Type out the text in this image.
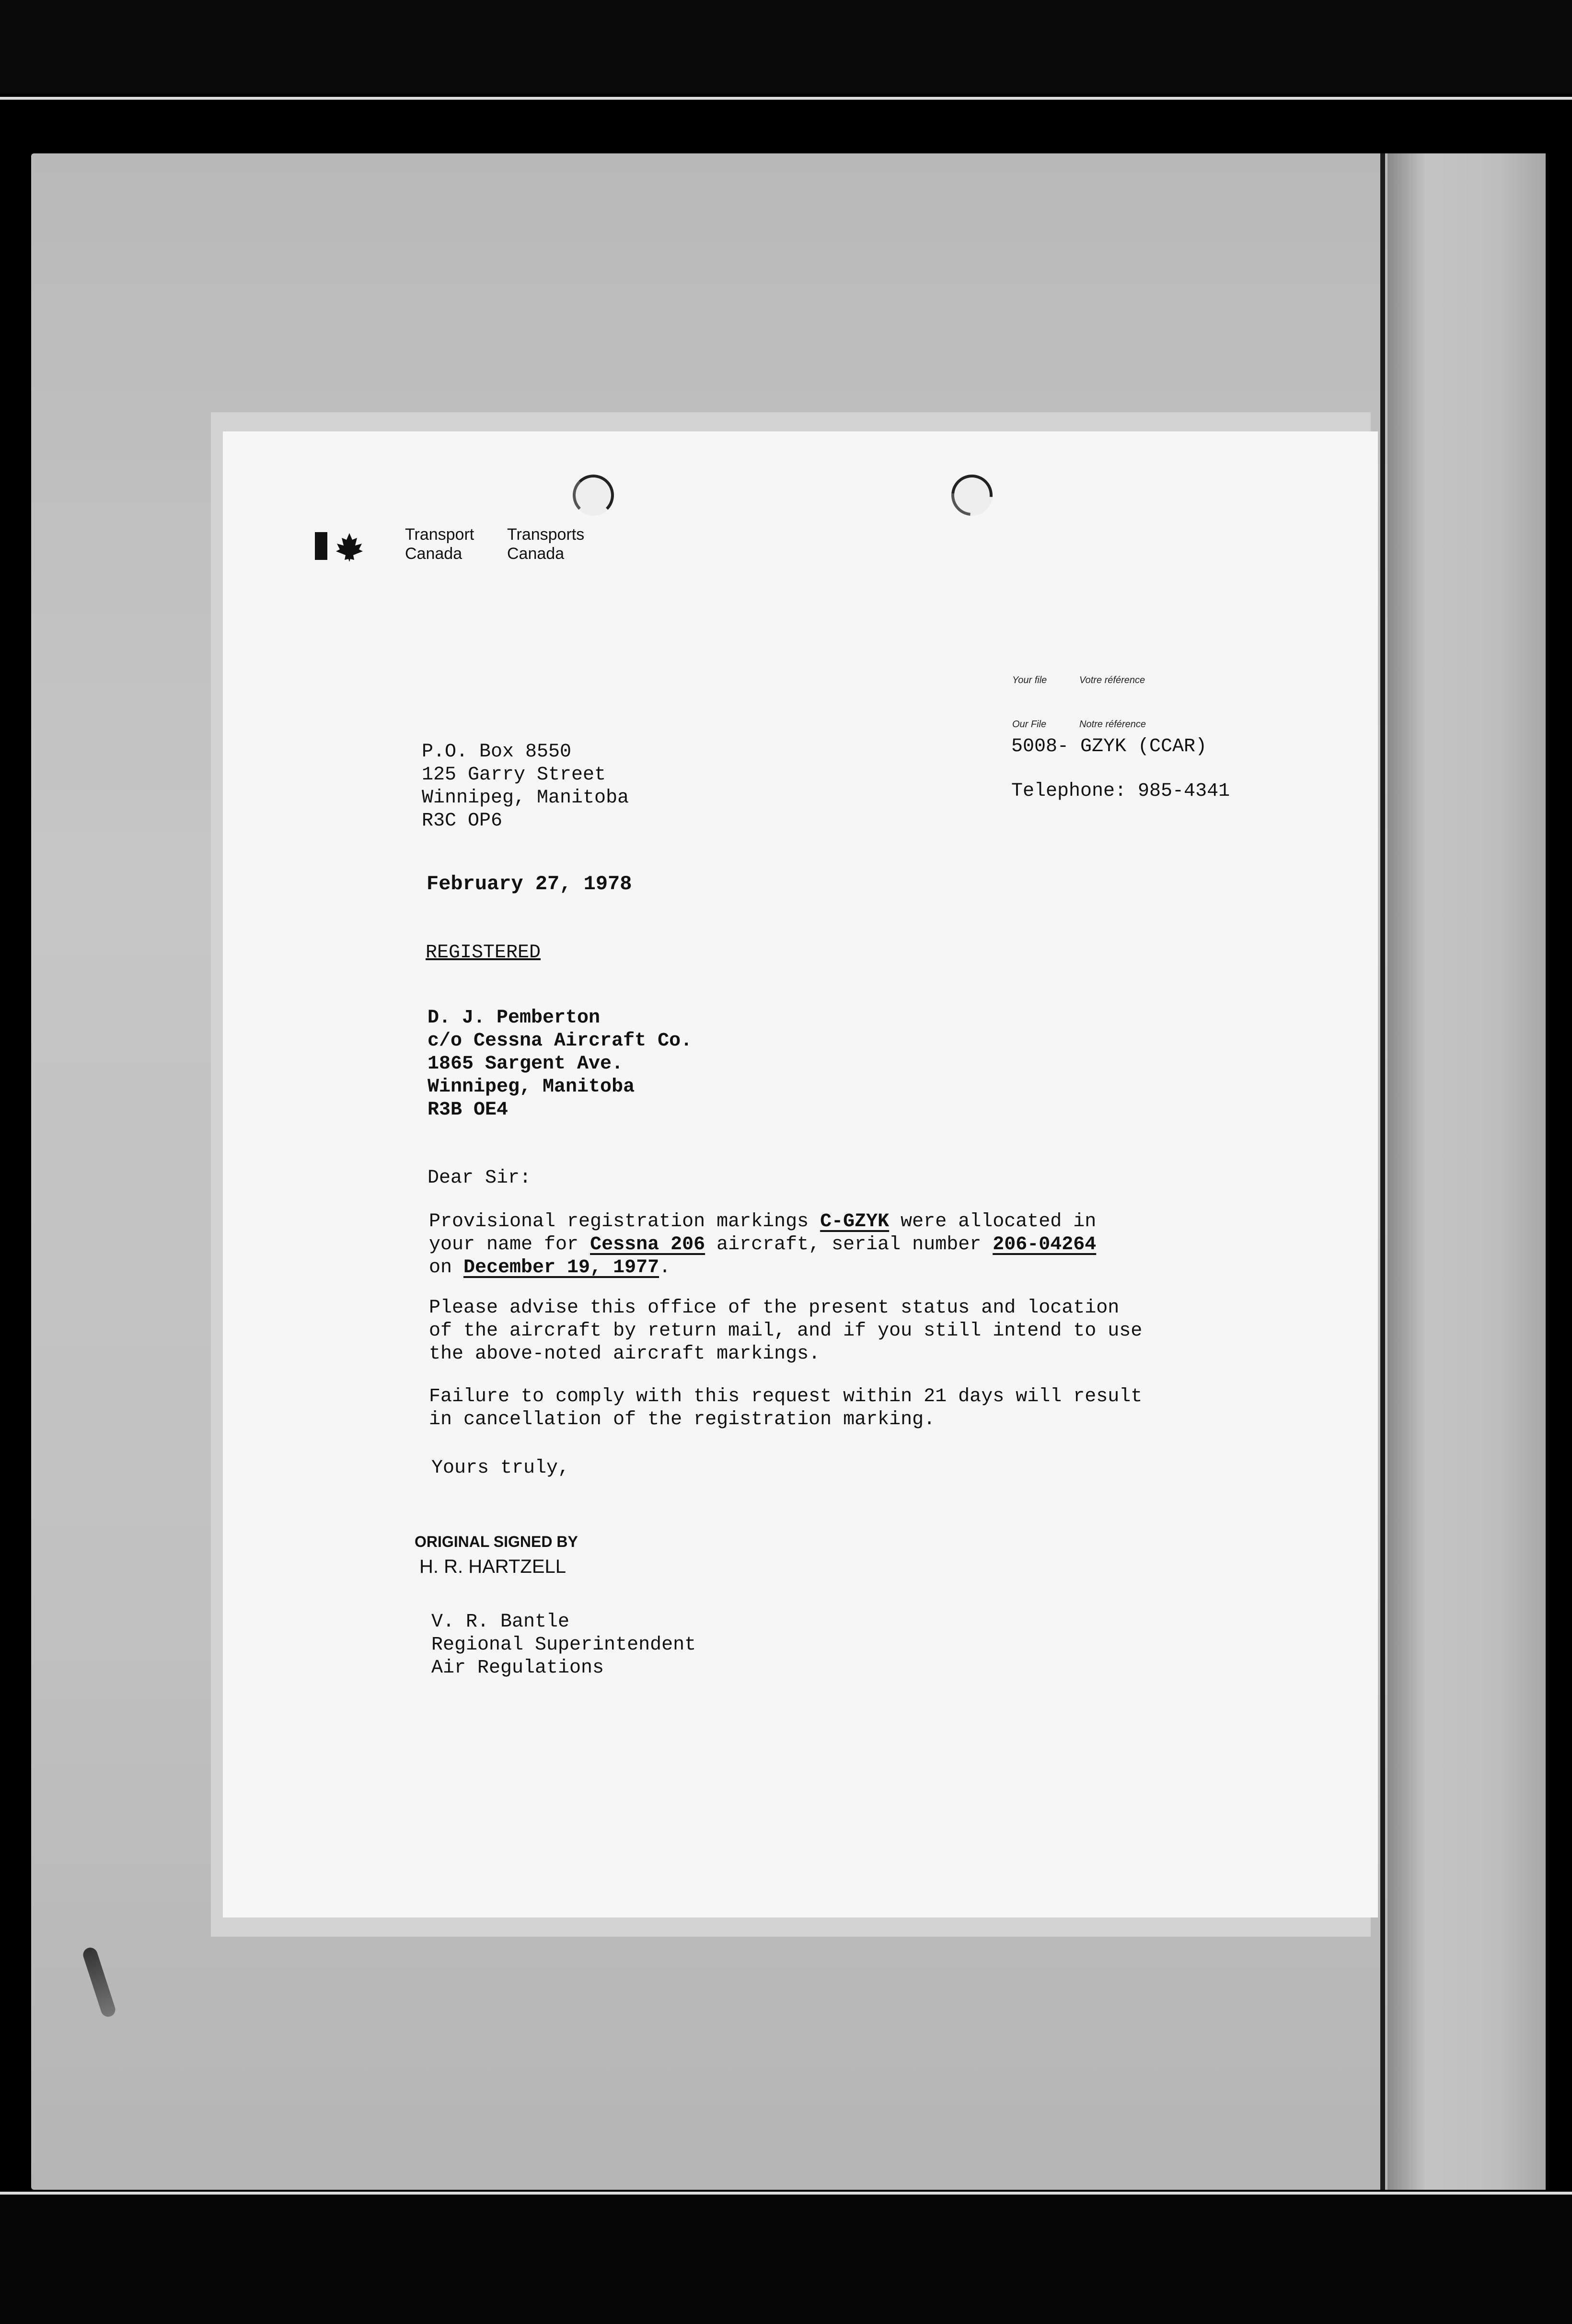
Transport
Canada
Transports
Canada
Your file	Votre référence
Our File	Notre référence
5008- GZYK (CCAR)
Telephone: 985-4341
P.O. Box 8550
125 Garry Street
Winnipeg, Manitoba
R3C OP6
February 27, 1978
REGISTERED
D. J. Pemberton
c/o Cessna Aircraft Co.
1865 Sargent Ave.
Winnipeg, Manitoba
R3B OE4
Dear Sir:
Provisional registration markings C-GZYK were allocated in
your name for Cessna 206 aircraft, serial number 206-04264
on December 19, 1977.
Please advise this office of the present status and location
of the aircraft by return mail, and if you still intend to use
the above-noted aircraft markings.
Failure to comply with this request within 21 days will result
in cancellation of the registration marking.
Yours truly,
ORIGINAL SIGNED BY
H. R. HARTZELL
V. R. Bantle
Regional Superintendent
Air Regulations
